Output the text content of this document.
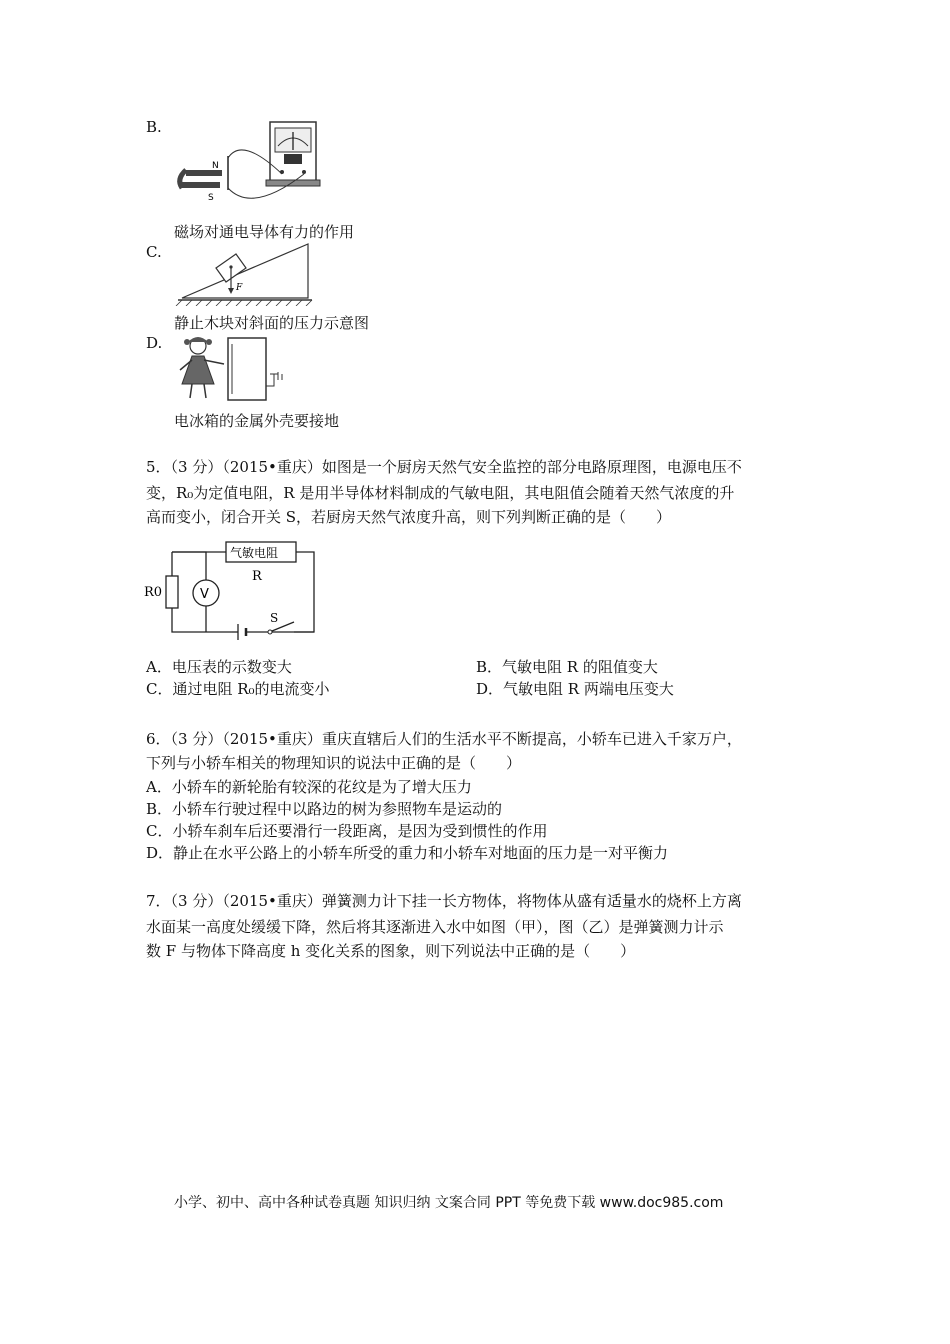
B.
N
S
磁场对通电导体有力的作用
C.
F
静止木块对斜面的压力示意图
D.
电冰箱的金属外壳要接地
5．（3 分）（2015•重庆）如图是一个厨房天然气安全监控的部分电路原理图，电源电压不
变，R₀为定值电阻，R 是用半导体材料制成的气敏电阻，其电阻值会随着天然气浓度的升
高而变小，闭合开关 S，若厨房天然气浓度升高，则下列判断正确的是（　　）
R0	V
气敏电阻
R
S
A．电压表的示数变大	B．气敏电阻 R 的阻值变大
C．通过电阻 R₀的电流变小	D．气敏电阻 R 两端电压变大
6．（3 分）（2015•重庆）重庆直辖后人们的生活水平不断提高，小轿车已进入千家万户，
下列与小轿车相关的物理知识的说法中正确的是（　　）
A．小轿车的新轮胎有较深的花纹是为了增大压力
B．小轿车行驶过程中以路边的树为参照物车是运动的
C．小轿车刹车后还要滑行一段距离，是因为受到惯性的作用
D．静止在水平公路上的小轿车所受的重力和小轿车对地面的压力是一对平衡力
7．（3 分）（2015•重庆）弹簧测力计下挂一长方物体，将物体从盛有适量水的烧杯上方离
水面某一高度处缓缓下降，然后将其逐渐进入水中如图（甲），图（乙）是弹簧测力计示
数 F 与物体下降高度 h 变化关系的图象，则下列说法中正确的是（　　）
小学、初中、高中各种试卷真题 知识归纳 文案合同 PPT 等免费下载 www.doc985.com
